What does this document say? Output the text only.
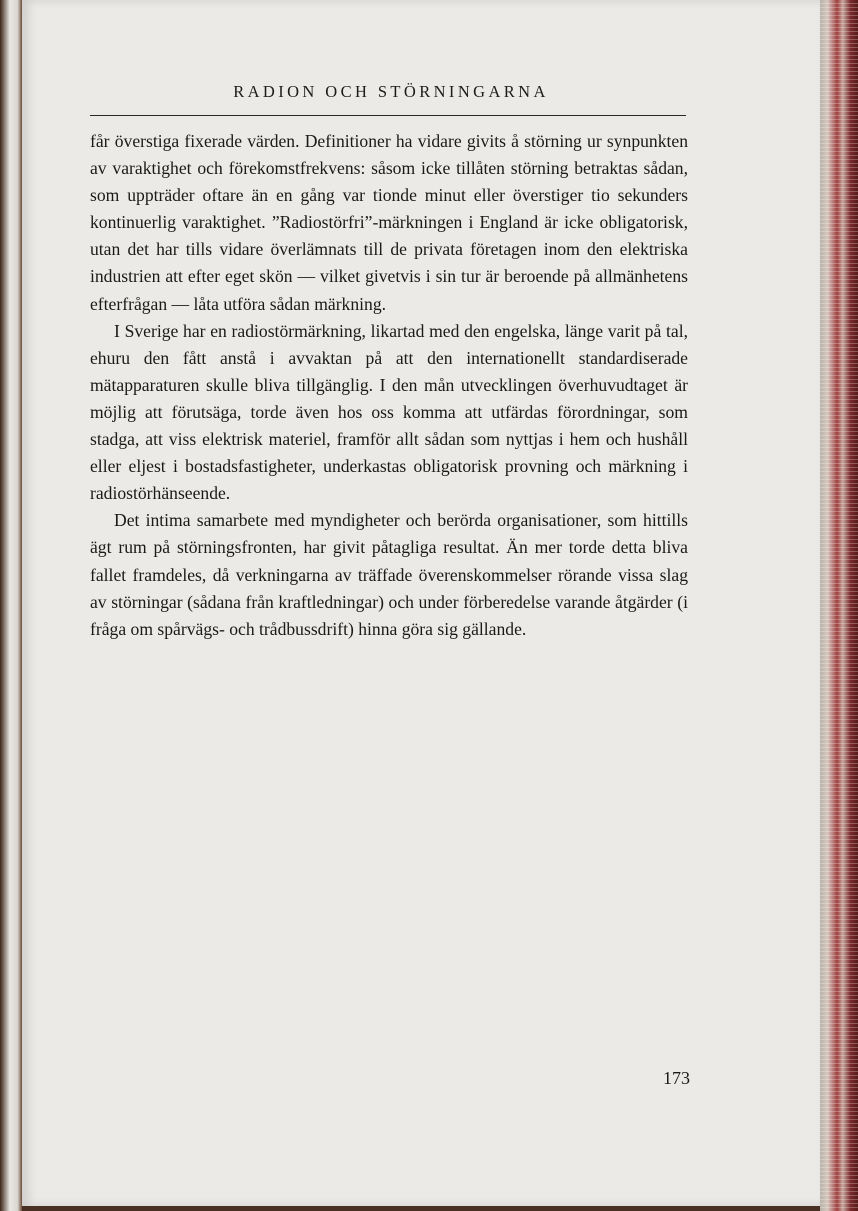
RADION OCH STÖRNINGARNA

får överstiga fixerade värden. Definitioner ha vidare givits å störning ur synpunkten av varaktighet och förekomstfrekvens: såsom icke tillåten störning betraktas sådan, som uppträder oftare än en gång var tionde minut eller överstiger tio sekunders kontinuerlig varaktighet. ”Radiostörfri”-märkningen i England är icke obligatorisk, utan det har tills vidare överlämnats till de privata företagen inom den elektriska industrien att efter eget skön — vilket givetvis i sin tur är beroende på allmänhetens efterfrågan — låta utföra sådan märkning.

I Sverige har en radiostörmärkning, likartad med den engelska, länge varit på tal, ehuru den fått anstå i avvaktan på att den internationellt standardiserade mätapparaturen skulle bliva tillgänglig. I den mån utvecklingen överhuvudtaget är möjlig att förutsäga, torde även hos oss komma att utfärdas förordningar, som stadga, att viss elektrisk materiel, framför allt sådan som nyttjas i hem och hushåll eller eljest i bostadsfastigheter, underkastas obligatorisk provning och märkning i radiostörhänseende.

Det intima samarbete med myndigheter och berörda organisationer, som hittills ägt rum på störningsfronten, har givit påtagliga resultat. Än mer torde detta bliva fallet framdeles, då verkningarna av träffade överenskommelser rörande vissa slag av störningar (sådana från kraftledningar) och under förberedelse varande åtgärder (i fråga om spårvägs- och trådbussdrift) hinna göra sig gällande.

173
